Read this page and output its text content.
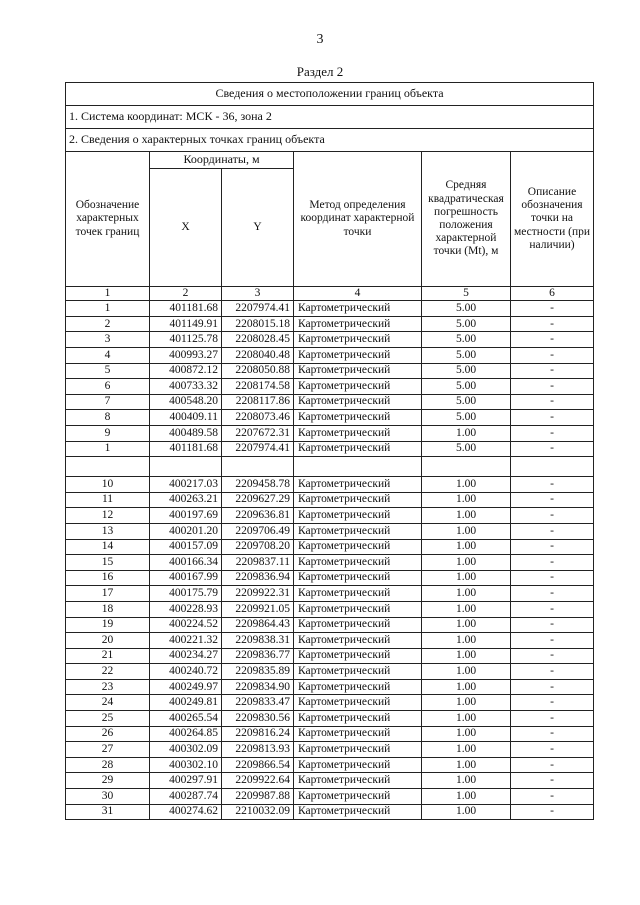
3
Раздел 2
Сведения о местоположении границ объекта					
1. Система координат: МСК - 36, зона 2					
2. Сведения о характерных точках границ объекта					
Обозначение характерных точек границ	Координаты, м		Метод определения координат характерной точки	Средняя квадратическая погрешность положения характерной точки (Mt), м	Описание обозначения точки на местности (при наличии)
	X	Y			
1	2	3	4	5	6
1	401181.68	2207974.41	Картометрический	5.00	-
2	401149.91	2208015.18	Картометрический	5.00	-
3	401125.78	2208028.45	Картометрический	5.00	-
4	400993.27	2208040.48	Картометрический	5.00	-
5	400872.12	2208050.88	Картометрический	5.00	-
6	400733.32	2208174.58	Картометрический	5.00	-
7	400548.20	2208117.86	Картометрический	5.00	-
8	400409.11	2208073.46	Картометрический	5.00	-
9	400489.58	2207672.31	Картометрический	1.00	-
1	401181.68	2207974.41	Картометрический	5.00	-

10	400217.03	2209458.78	Картометрический	1.00	-
11	400263.21	2209627.29	Картометрический	1.00	-
12	400197.69	2209636.81	Картометрический	1.00	-
13	400201.20	2209706.49	Картометрический	1.00	-
14	400157.09	2209708.20	Картометрический	1.00	-
15	400166.34	2209837.11	Картометрический	1.00	-
16	400167.99	2209836.94	Картометрический	1.00	-
17	400175.79	2209922.31	Картометрический	1.00	-
18	400228.93	2209921.05	Картометрический	1.00	-
19	400224.52	2209864.43	Картометрический	1.00	-
20	400221.32	2209838.31	Картометрический	1.00	-
21	400234.27	2209836.77	Картометрический	1.00	-
22	400240.72	2209835.89	Картометрический	1.00	-
23	400249.97	2209834.90	Картометрический	1.00	-
24	400249.81	2209833.47	Картометрический	1.00	-
25	400265.54	2209830.56	Картометрический	1.00	-
26	400264.85	2209816.24	Картометрический	1.00	-
27	400302.09	2209813.93	Картометрический	1.00	-
28	400302.10	2209866.54	Картометрический	1.00	-
29	400297.91	2209922.64	Картометрический	1.00	-
30	400287.74	2209987.88	Картометрический	1.00	-
31	400274.62	2210032.09	Картометрический	1.00	-
